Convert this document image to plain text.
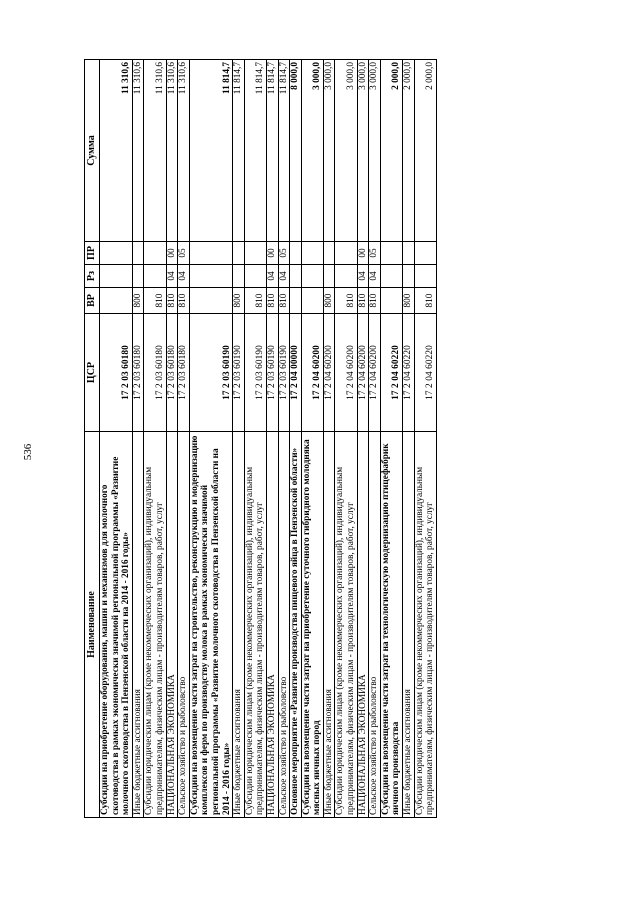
536
Наименование	ЦСР	ВР	Рз	ПР	Сумма
Субсидии на приобретение оборудования, машин и механизмов для молочного скотоводства в рамках экономически значимой региональной программы «Развитие молочного скотоводства в Пензенской области на 2014 - 2016 годы»	17 2 03 60180				11 310,6
Иные бюджетные ассигнования	17 2 03 60180	800			11 310,6
Субсидии юридическим лицам (кроме некоммерческих организаций), индивидуальным предпринимателям, физическим лицам - производителям товаров, работ, услуг	17 2 03 60180	810			11 310,6
НАЦИОНАЛЬНАЯ ЭКОНОМИКА	17 2 03 60180	810	04	00	11 310,6
Сельское хозяйство и рыболовство	17 2 03 60180	810	04	05	11 310,6
Субсидии на возмещение части затрат на строительство, реконструкцию и модернизацию комплексов и ферм по производству молока в рамках экономически значимой региональной программы «Развитие молочного скотоводства в Пензенской области на 2014 - 2016 годы»	17 2 03 60190				11 814,7
Иные бюджетные ассигнования	17 2 03 60190	800			11 814,7
Субсидии юридическим лицам (кроме некоммерческих организаций), индивидуальным предпринимателям, физическим лицам - производителям товаров, работ, услуг	17 2 03 60190	810			11 814,7
НАЦИОНАЛЬНАЯ ЭКОНОМИКА	17 2 03 60190	810	04	00	11 814,7
Сельское хозяйство и рыболовство	17 2 03 60190	810	04	05	11 814,7
Основное мероприятие «Развитие производства пищевого яйца в Пензенской области»	17 2 04 00000				8 000,0
Субсидии на возмещение части затрат на приобретение суточного гибридного молодняка мясных яичных пород	17 2 04 60200				3 000,0
Иные бюджетные ассигнования	17 2 04 60200	800			3 000,0
Субсидии юридическим лицам (кроме некоммерческих организаций), индивидуальным предпринимателям, физическим лицам - производителям товаров, работ, услуг	17 2 04 60200	810			3 000,0
НАЦИОНАЛЬНАЯ ЭКОНОМИКА	17 2 04 60200	810	04	00	3 000,0
Сельское хозяйство и рыболовство	17 2 04 60200	810	04	05	3 000,0
Субсидии на возмещение части затрат на технологическую модернизацию птицефабрик яичного производства	17 2 04 60220				2 000,0
Иные бюджетные ассигнования	17 2 04 60220	800			2 000,0
Субсидии юридическим лицам (кроме некоммерческих организаций), индивидуальным предпринимателям, физическим лицам - производителям товаров, работ, услуг	17 2 04 60220	810			2 000,0
